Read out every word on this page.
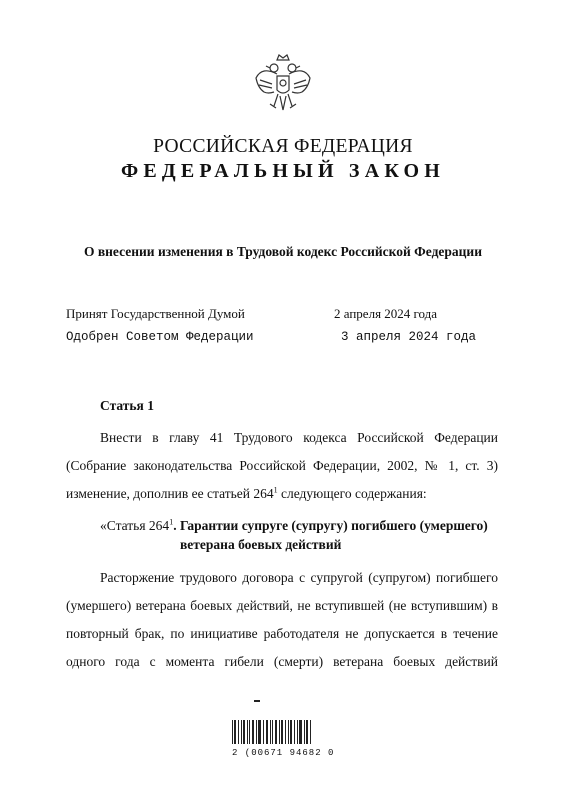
РОССИЙСКАЯ ФЕДЕРАЦИЯ
ФЕДЕРАЛЬНЫЙ ЗАКОН
О внесении изменения в Трудовой кодекс Российской Федерации
Принят Государственной Думой	2 апреля 2024 года
Одобрен Советом Федерации	3 апреля 2024 года
Статья 1
Внести в главу 41 Трудового кодекса Российской Федерации
(Собрание законодательства Российской Федерации, 2002, № 1, ст. 3)
изменение, дополнив ее статьей $264^1$ следующего содержания:
«Статья $264^1$. Гарантии супруге (супругу) погибшего (умершего)
ветерана боевых действий
Расторжение трудового договора с супругой (супругом) погибшего
(умершего) ветерана боевых действий, не вступившей (не вступившим) в
повторный брак, по инициативе работодателя не допускается в течение
одного года с момента гибели (смерти) ветерана боевых действий
2 (00671 94682 0
